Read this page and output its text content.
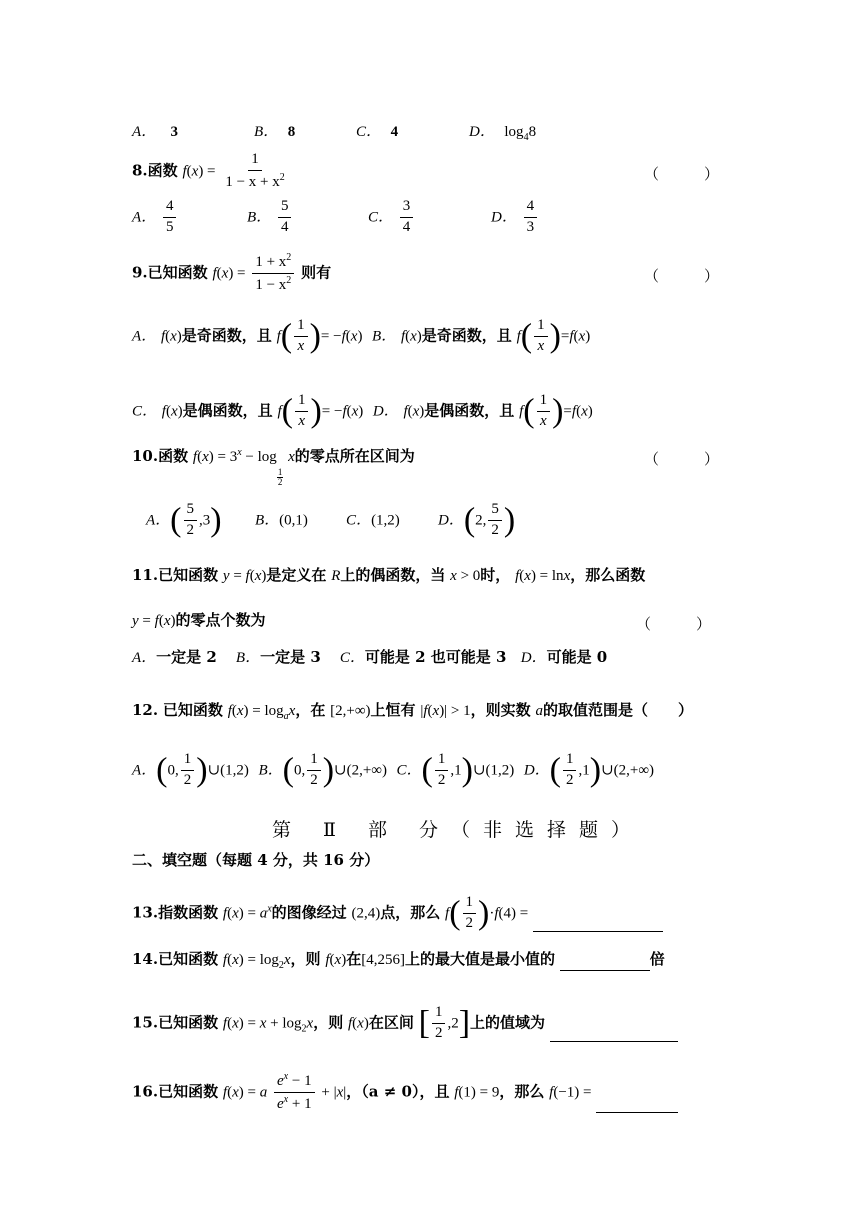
A． 3	B． 8	C． 4	D． $\log_48$
8.函数 $f(x) = \frac{1}{1 - x + x^2}$	（　　　）
A． $\frac{4}{5}$	B． $\frac{5}{4}$	C． $\frac{3}{4}$	D． $\frac{4}{3}$
9.已知函数 $f(x) = \frac{1 + x^2}{1 - x^2}$ 则有	（　　　）
A． f(x)是奇函数，且 $f( \frac{1}{x}$ )= −f(x) B． f(x)是奇函数，且 $f( \frac{1}{x} )=f(x)$
C． f(x)是偶函数，且 $f( \frac{1}{x}$ )= −f(x) D． f(x)是偶函数，且 $f( \frac{1}{x} )=f(x)$
10.函数 $f(x) = 3^x - \log$
$\frac{1}{2}$
x的零点所在区间为	（　　　）
A．( $\frac{5}{2} ,3$) B．(0,1)	C．(1,2)	D．(2, $\frac{5}{2}$ )
11.已知函数 y = f(x)是定义在 R上的偶函数，当 x > 0时， f(x) = lnx，那么函数
y = f(x)的零点个数为	（　　　）
A．一定是 2 B．一定是 3 C．可能是 2 也可能是 3 D．可能是 0
12. 已知函数 $f(x) = \log_ax$，在 [2,+∞)上恒有 |f(x)| > 1，则实数 a的取值范围是（　　）
A．(0, $\frac{1}{2}$ )∪(1,2) B．(0, $\frac{1}{2}$ )∪(2,+∞) C．( $\frac{1}{2}$ ,1)∪(1,2) D．( $\frac{1}{2}$ ,1)∪(2,+∞)
第 Ⅱ 部 分（非选择题）
二、填空题（每题 4 分，共 16 分）
13.指数函数 $f(x) = a^x$的图像经过 (2,4)点，那么 $f( \frac{1}{2} )\cdot f(4)$ =
14.已知函数 $f(x) = \log_2x$，则 f(x)在[4,256]上的最大值是最小值的	倍
15.已知函数 $f(x) = x + \log_2x$，则 f(x)在区间 [ $\frac{1}{2} ,2$]上的值域为
16.已知函数 f(x) = a $\frac{e^x - 1}{e^x + 1} + |x|$，（a ≠ 0），且 f(1) = 9，那么 f(−1) =
